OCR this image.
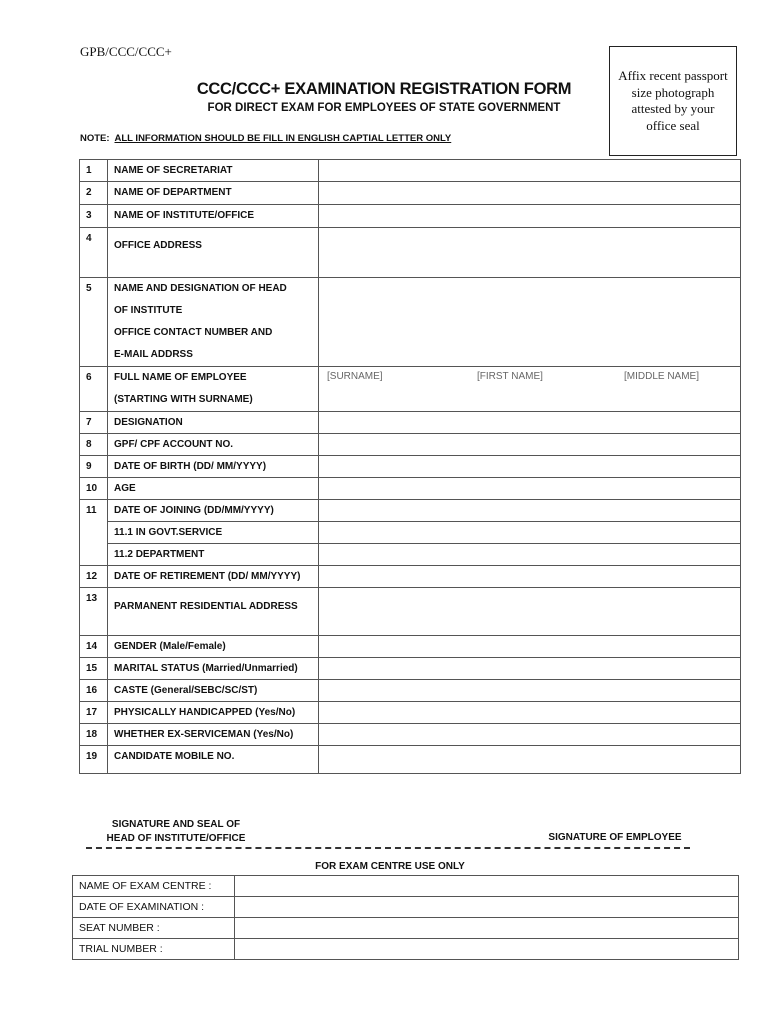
GPB/CCC/CCC+
CCC/CCC+ EXAMINATION REGISTRATION FORM
FOR DIRECT EXAM FOR EMPLOYEES OF STATE GOVERNMENT
NOTE: ALL INFORMATION SHOULD BE FILL IN ENGLISH CAPTIAL LETTER ONLY
Affix recent passport size photograph attested by your office seal
1	NAME OF SECRETARIAT	
2	NAME OF DEPARTMENT	
3	NAME OF INSTITUTE/OFFICE	
4	OFFICE ADDRESS	
5	NAME AND DESIGNATION OF HEAD
OF INSTITUTE
OFFICE CONTACT NUMBER AND
E-MAIL ADDRSS	

6	FULL NAME OF EMPLOYEE
(STARTING WITH SURNAME)	[SURNAME] [FIRST NAME] [MIDDLE NAME]

7	DESIGNATION	
8	GPF/ CPF ACCOUNT NO.	
9	DATE OF BIRTH (DD/ MM/YYYY)	
10	AGE	
11	DATE OF JOINING (DD/MM/YYYY)	
	11.1 IN GOVT.SERVICE	
	11.2 DEPARTMENT	
12	DATE OF RETIREMENT (DD/ MM/YYYY)	
13	PARMANENT RESIDENTIAL ADDRESS	
14	GENDER (Male/Female)	
15	MARITAL STATUS (Married/Unmarried)	
16	CASTE (General/SEBC/SC/ST)	
17	PHYSICALLY HANDICAPPED (Yes/No)	
18	WHETHER EX-SERVICEMAN (Yes/No)	
19	CANDIDATE MOBILE NO.	
SIGNATURE AND SEAL OF
HEAD OF INSTITUTE/OFFICE	SIGNATURE OF EMPLOYEE
FOR EXAM CENTRE USE ONLY
NAME OF EXAM CENTRE :	
DATE OF EXAMINATION :	
SEAT NUMBER :	
TRIAL NUMBER :	
